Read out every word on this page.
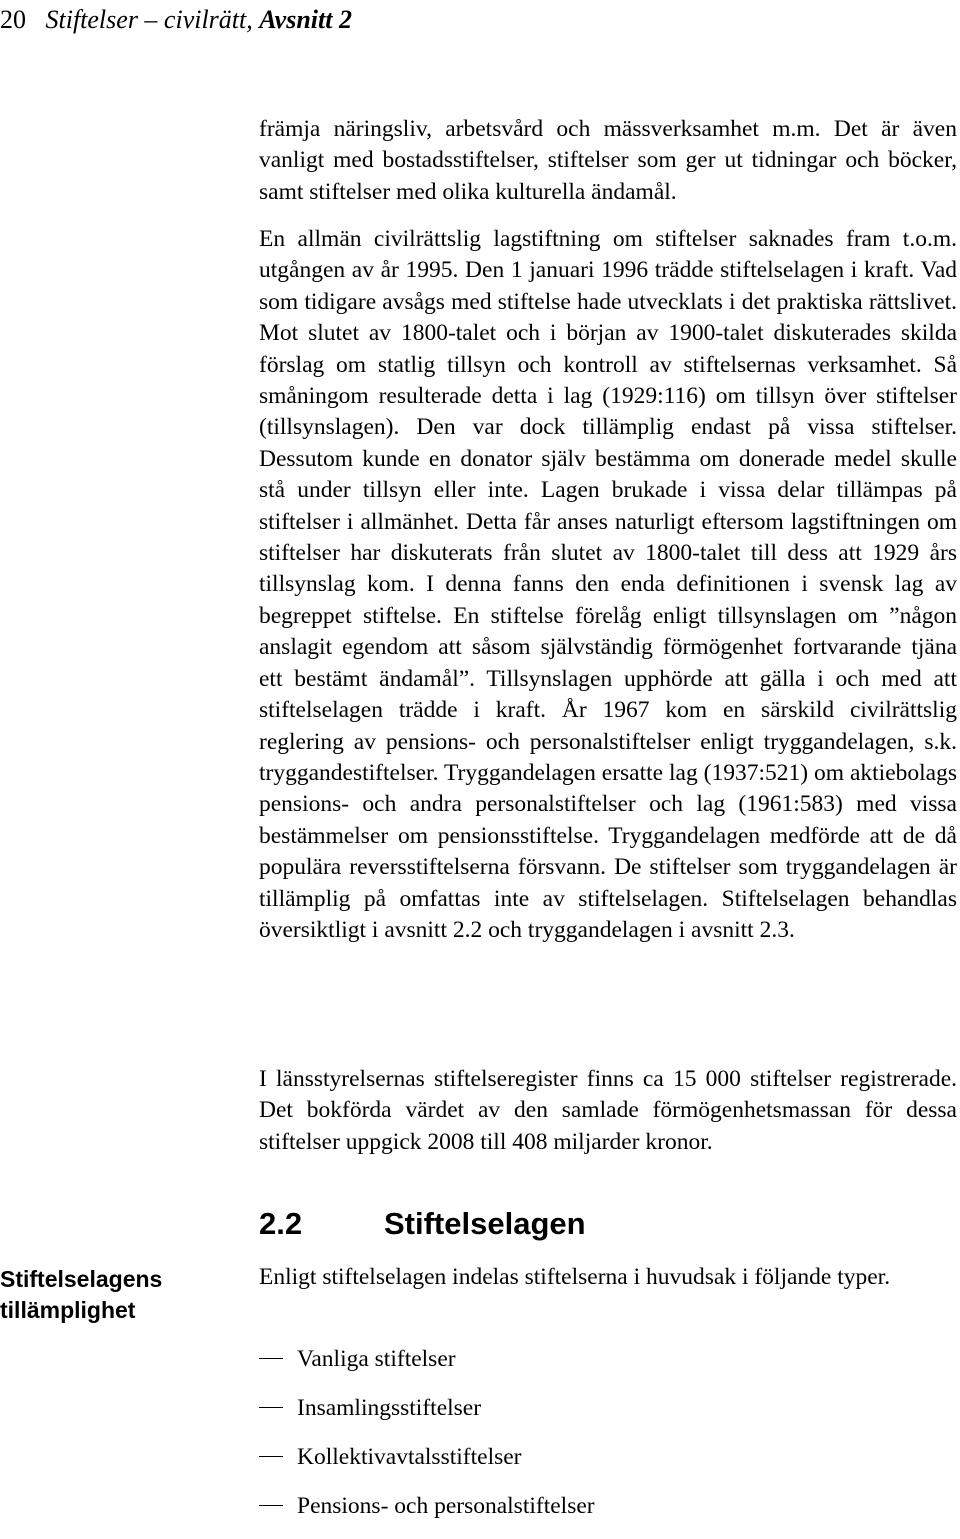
20 Stiftelser – civilrätt, Avsnitt 2

främja näringsliv, arbetsvård och mässverksamhet m.m. Det är även vanligt med bostadsstiftelser, stiftelser som ger ut tidningar och böcker, samt stiftelser med olika kulturella ändamål.

En allmän civilrättslig lagstiftning om stiftelser saknades fram t.o.m. utgången av år 1995. Den 1 januari 1996 trädde stiftelselagen i kraft. Vad som tidigare avsågs med stiftelse hade utvecklats i det praktiska rättslivet. Mot slutet av 1800-talet och i början av 1900-talet diskuterades skilda förslag om statlig tillsyn och kontroll av stiftelsernas verksamhet. Så småningom resulterade detta i lag (1929:116) om tillsyn över stiftelser (tillsynslagen). Den var dock tillämplig endast på vissa stiftelser. Dessutom kunde en donator själv bestämma om donerade medel skulle stå under tillsyn eller inte. Lagen brukade i vissa delar tillämpas på stiftelser i allmänhet. Detta får anses naturligt eftersom lagstiftningen om stiftelser har diskuterats från slutet av 1800-talet till dess att 1929 års tillsynslag kom. I denna fanns den enda definitionen i svensk lag av begreppet stiftelse. En stiftelse förelåg enligt tillsynslagen om ”någon anslagit egendom att såsom självständig förmögenhet fortvarande tjäna ett bestämt ändamål”. Tillsynslagen upphörde att gälla i och med att stiftelselagen trädde i kraft. År 1967 kom en särskild civilrättslig reglering av pensions- och personalstiftelser enligt tryggandelagen, s.k. tryggandestiftelser. Tryggandelagen ersatte lag (1937:521) om aktiebolags pensions- och andra personalstiftelser och lag (1961:583) med vissa bestämmelser om pensionsstiftelse. Tryggandelagen medförde att de då populära reversstiftelserna försvann. De stiftelser som tryggandelagen är tillämplig på omfattas inte av stiftelselagen. Stiftelselagen behandlas översiktligt i avsnitt 2.2 och tryggandelagen i avsnitt 2.3.

I länsstyrelsernas stiftelseregister finns ca 15 000 stiftelser registrerade. Det bokförda värdet av den samlade förmögenhetsmassan för dessa stiftelser uppgick 2008 till 408 miljarder kronor.

2.2	Stiftelselagen
Stiftelselagens tillämplighet

Enligt stiftelselagen indelas stiftelserna i huvudsak i följande typer.

Vanliga stiftelser
Insamlingsstiftelser
Kollektivavtalsstiftelser
Pensions- och personalstiftelser
